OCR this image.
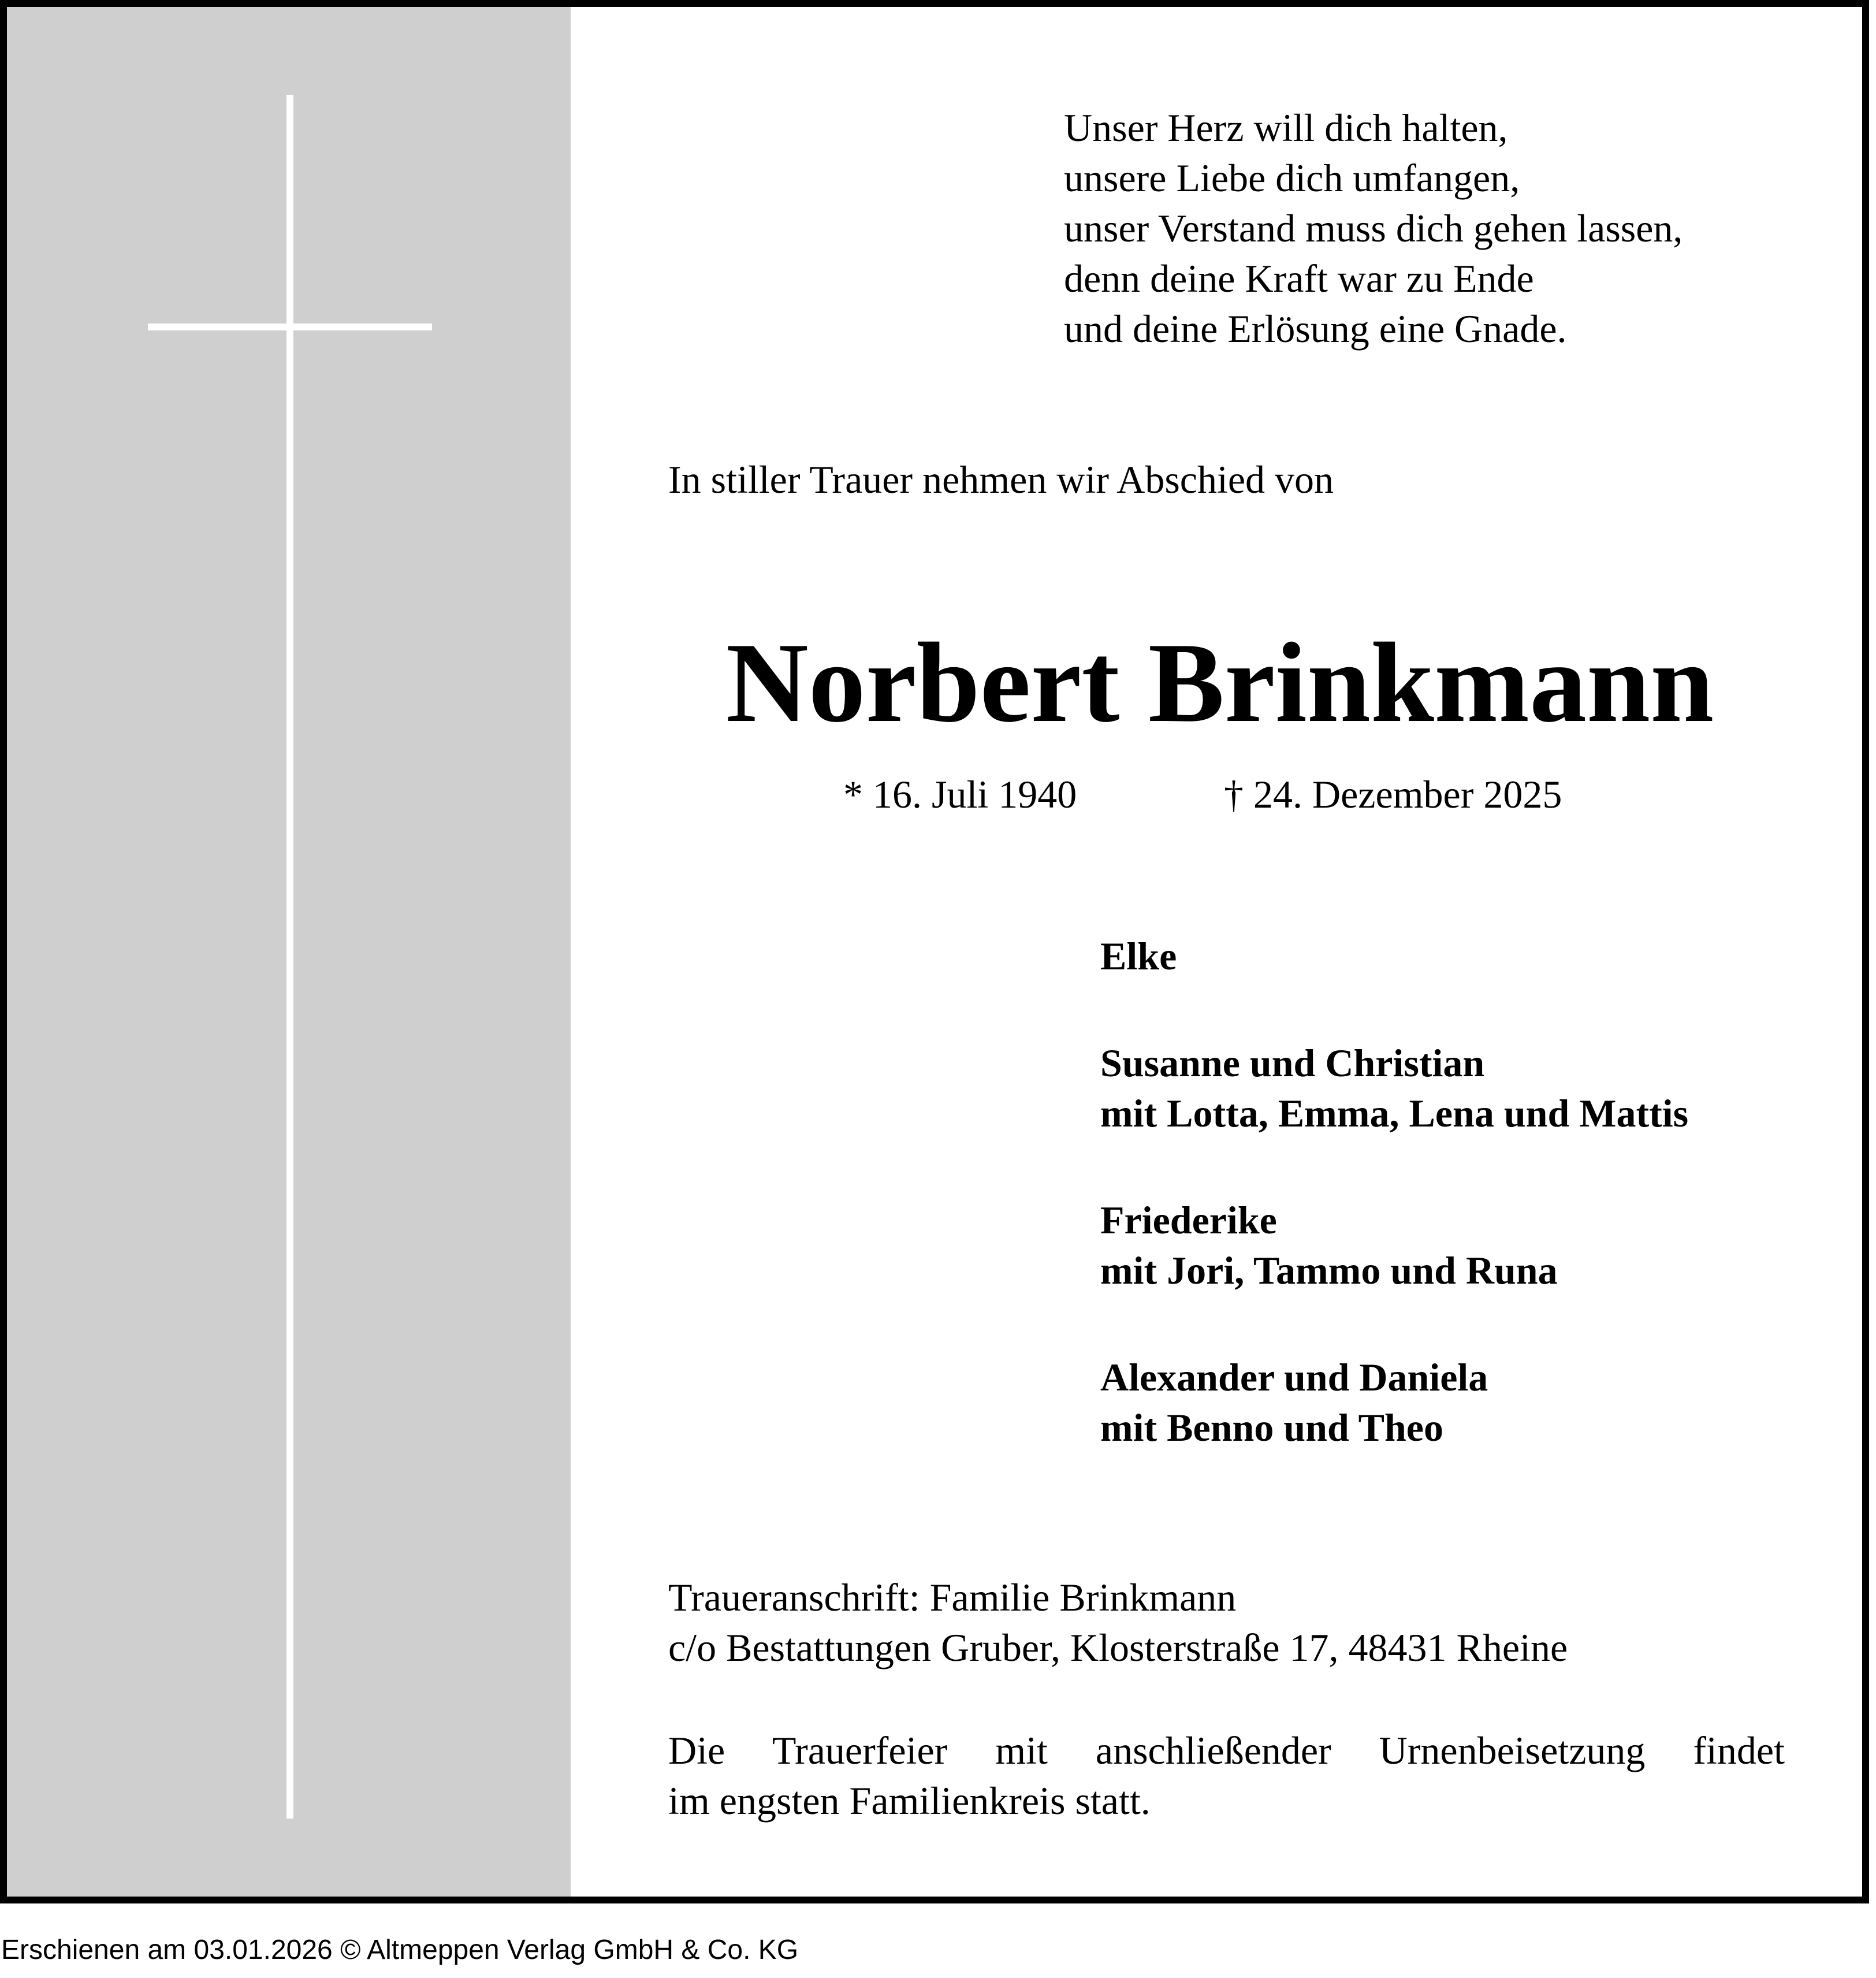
Unser Herz will dich halten,
unsere Liebe dich umfangen,
unser Verstand muss dich gehen lassen,
denn deine Kraft war zu Ende
und deine Erlösung eine Gnade.

In stiller Trauer nehmen wir Abschied von

Norbert Brinkmann

* 16. Juli 1940	† 24. Dezember 2025

Elke
Susanne und Christian
mit Lotta, Emma, Lena und Mattis
Friederike
mit Jori, Tammo und Runa
Alexander und Daniela
mit Benno und Theo
Traueranschrift: Familie Brinkmann
c/o Bestattungen Gruber, Klosterstraße 17, 48431 Rheine
Die Trauerfeier mit anschließender Urnenbeisetzung findet
im engsten Familienkreis statt.
Erschienen am 03.01.2026 © Altmeppen Verlag GmbH & Co. KG
